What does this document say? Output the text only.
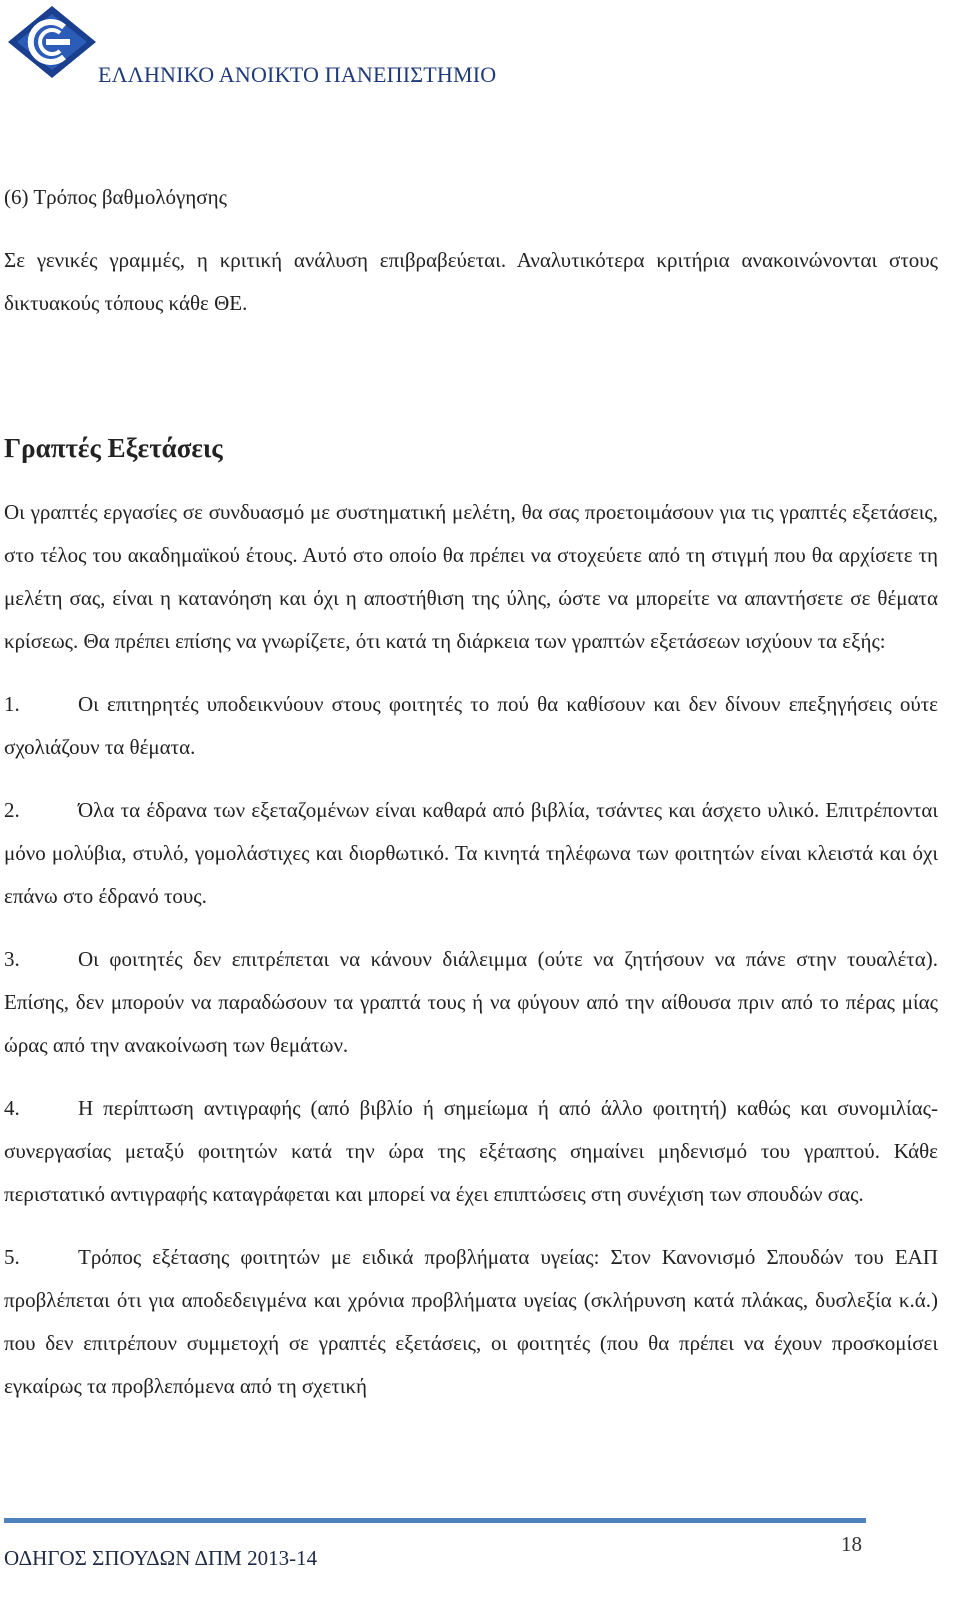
ΕΛΛΗΝΙΚΟ ΑΝΟΙΚΤΟ ΠΑΝΕΠΙΣΤΗΜΙΟ

(6) Τρόπος βαθμολόγησης

Σε γενικές γραμμές, η κριτική ανάλυση επιβραβεύεται. Αναλυτικότερα κριτήρια ανακοινώνονται στους δικτυακούς τόπους κάθε ΘΕ.

Γραπτές Εξετάσεις

Οι γραπτές εργασίες σε συνδυασμό με συστηματική μελέτη, θα σας προετοιμάσουν για τις γραπτές εξετάσεις, στο τέλος του ακαδημαϊκού έτους. Αυτό στο οποίο θα πρέπει να στοχεύετε από τη στιγμή που θα αρχίσετε τη μελέτη σας, είναι η κατανόηση και όχι η αποστήθιση της ύλης, ώστε να μπορείτε να απαντήσετε σε θέματα κρίσεως. Θα πρέπει επίσης να γνωρίζετε, ότι κατά τη διάρκεια των γραπτών εξετάσεων ισχύουν τα εξής:

1.	Οι επιτηρητές υποδεικνύουν στους φοιτητές το πού θα καθίσουν και δεν δίνουν επεξηγήσεις ούτε σχολιάζουν τα θέματα.

2.	Όλα τα έδρανα των εξεταζομένων είναι καθαρά από βιβλία, τσάντες και άσχετο υλικό. Επιτρέπονται μόνο μολύβια, στυλό, γομολάστιχες και διορθωτικό. Τα κινητά τηλέφωνα των φοιτητών είναι κλειστά και όχι επάνω στο έδρανό τους.

3.	Οι φοιτητές δεν επιτρέπεται να κάνουν διάλειμμα (ούτε να ζητήσουν να πάνε στην τουαλέτα). Επίσης, δεν μπορούν να παραδώσουν τα γραπτά τους ή να φύγουν από την αίθουσα πριν από το πέρας μίας ώρας από την ανακοίνωση των θεμάτων.

4.	Η περίπτωση αντιγραφής (από βιβλίο ή σημείωμα ή από άλλο φοιτητή) καθώς και συνομιλίας-συνεργασίας μεταξύ φοιτητών κατά την ώρα της εξέτασης σημαίνει μηδενισμό του γραπτού. Κάθε περιστατικό αντιγραφής καταγράφεται και μπορεί να έχει επιπτώσεις στη συνέχιση των σπουδών σας.

5.	Τρόπος εξέτασης φοιτητών με ειδικά προβλήματα υγείας: Στον Κανονισμό Σπουδών του ΕΑΠ προβλέπεται ότι για αποδεδειγμένα και χρόνια προβλήματα υγείας (σκλήρυνση κατά πλάκας, δυσλεξία κ.ά.) που δεν επιτρέπουν συμμετοχή σε γραπτές εξετάσεις, οι φοιτητές (που θα πρέπει να έχουν προσκομίσει εγκαίρως τα προβλεπόμενα από τη σχετική

ΟΔΗΓΟΣ ΣΠΟΥΔΩΝ ΔΠΜ 2013-14
18
